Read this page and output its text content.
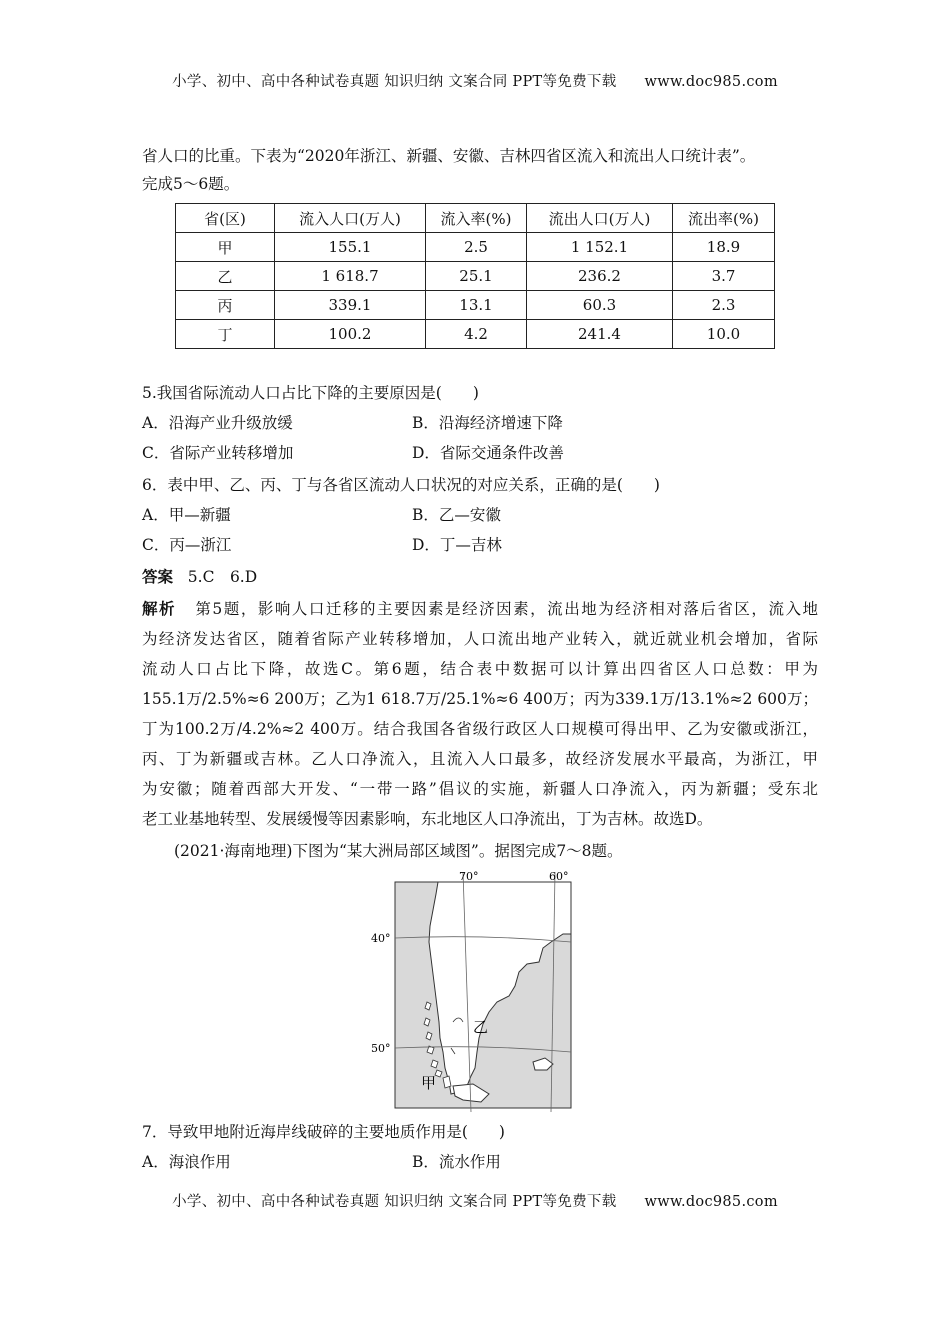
小学、初中、高中各种试卷真题 知识归纳 文案合同 PPT等免费下载 www.doc985.com
省人口的比重。下表为“2020年浙江、新疆、安徽、吉林四省区流入和流出人口统计表”。
完成5～6题。
省(区)	流入人口(万人)	流入率(%)	流出人口(万人)	流出率(%)
甲	155.1	2.5	1 152.1	18.9
乙	1 618.7	25.1	236.2	3.7
丙	339.1	13.1	60.3	2.3
丁	100.2	4.2	241.4	10.0
5.我国省际流动人口占比下降的主要原因是(　　)
A．沿海产业升级放缓	B．沿海经济增速下降
C．省际产业转移增加	D．省际交通条件改善
6．表中甲、乙、丙、丁与各省区流动人口状况的对应关系，正确的是(　　)
A．甲—新疆	B．乙—安徽
C．丙—浙江	D．丁—吉林
答案 5.C　6.D
解析 第5题，影响人口迁移的主要因素是经济因素，流出地为经济相对落后省区，流入地
为经济发达省区，随着省际产业转移增加，人口流出地产业转入，就近就业机会增加，省际
流动人口占比下降，故选C。第6题，结合表中数据可以计算出四省区人口总数：甲为
155.1万/2.5%≈6 200万；乙为1 618.7万/25.1%≈6 400万；丙为339.1万/13.1%≈2 600万；
丁为100.2万/4.2%≈2 400万。结合我国各省级行政区人口规模可得出甲、乙为安徽或浙江，
丙、丁为新疆或吉林。乙人口净流入，且流入人口最多，故经济发展水平最高，为浙江，甲
为安徽；随着西部大开发、“一带一路”倡议的实施，新疆人口净流入，丙为新疆；受东北
老工业基地转型、发展缓慢等因素影响，东北地区人口净流出，丁为吉林。故选D。
(2021·海南地理)下图为“某大洲局部区域图”。据图完成7～8题。
70°	60°
40°
50°
乙
甲
7．导致甲地附近海岸线破碎的主要地质作用是(　　)
A．海浪作用	B．流水作用
小学、初中、高中各种试卷真题 知识归纳 文案合同 PPT等免费下载 www.doc985.com
